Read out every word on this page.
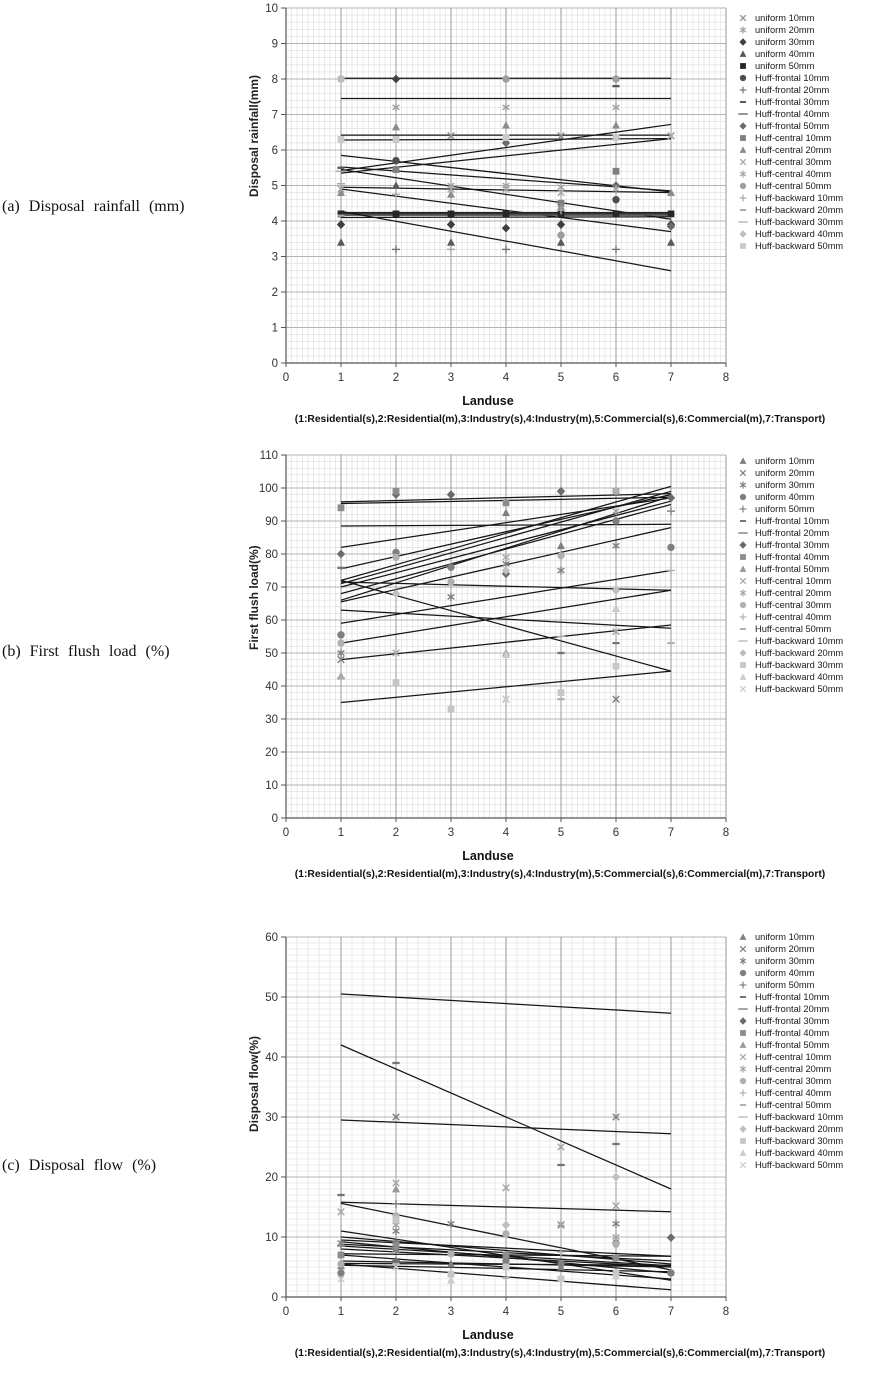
(a) Disposal rainfall (mm)
Disposal rainfall(mm)
0
1
2
3
4
5
6
7
8
9
10
0	1	2	3	4	5	6	7	8
Landuse
(1:Residential(s),2:Residential(m),3:Industry(s),4:Industry(m),5:Commercial(s),6:Commercial(m),7:Transport)
uniform 10mm
uniform 20mm
uniform 30mm
uniform 40mm
uniform 50mm
Huff-frontal 10mm
Huff-frontal 20mm
Huff-frontal 30mm
Huff-frontal 40mm
Huff-frontal 50mm
Huff-central 10mm
Huff-central 20mm
Huff-central 30mm
Huff-central 40mm
Huff-central 50mm
Huff-backward 10mm
Huff-backward 20mm
Huff-backward 30mm
Huff-backward 40mm
Huff-backward 50mm
(b) First flush load (%)
First flush load(%)
0
10
20
30
40
50
60
70
80
90
100
110
0	1	2	3	4	5	6	7	8
Landuse
(1:Residential(s),2:Residential(m),3:Industry(s),4:Industry(m),5:Commercial(s),6:Commercial(m),7:Transport)
uniform 10mm
uniform 20mm
uniform 30mm
uniform 40mm
uniform 50mm
Huff-frontal 10mm
Huff-frontal 20mm
Huff-frontal 30mm
Huff-frontal 40mm
Huff-frontal 50mm
Huff-central 10mm
Huff-central 20mm
Huff-central 30mm
Huff-central 40mm
Huff-central 50mm
Huff-backward 10mm
Huff-backward 20mm
Huff-backward 30mm
Huff-backward 40mm
Huff-backward 50mm
(c) Disposal flow (%)
Disposal flow(%)
0
10
20
30
40
50
60
0	1	2	3	4	5	6	7	8
Landuse
(1:Residential(s),2:Residential(m),3:Industry(s),4:Industry(m),5:Commercial(s),6:Commercial(m),7:Transport)
uniform 10mm
uniform 20mm
uniform 30mm
uniform 40mm
uniform 50mm
Huff-frontal 10mm
Huff-frontal 20mm
Huff-frontal 30mm
Huff-frontal 40mm
Huff-frontal 50mm
Huff-central 10mm
Huff-central 20mm
Huff-central 30mm
Huff-central 40mm
Huff-central 50mm
Huff-backward 10mm
Huff-backward 20mm
Huff-backward 30mm
Huff-backward 40mm
Huff-backward 50mm
